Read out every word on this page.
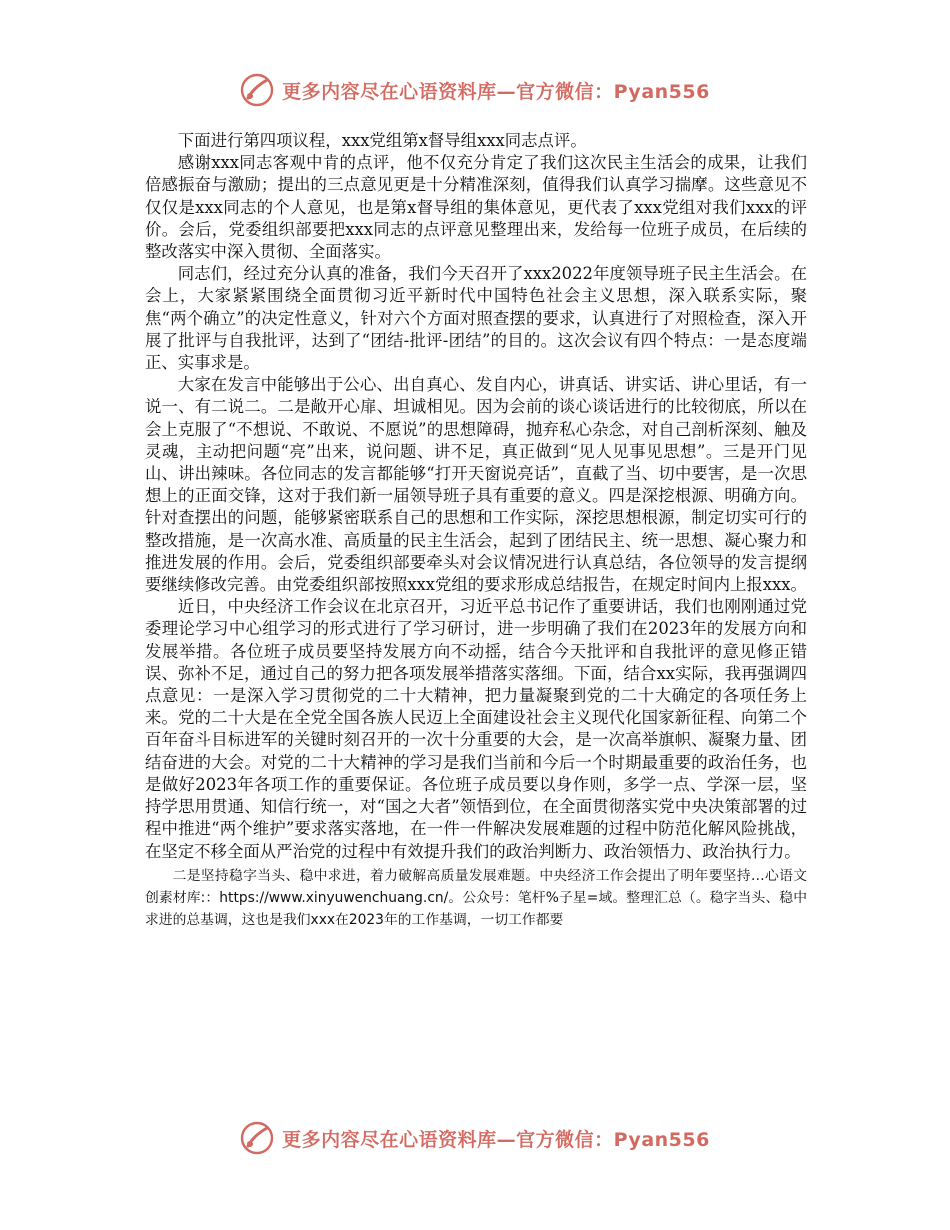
更多内容尽在心语资料库—官方微信：Pyan556

下面进行第四项议程，xxx党组第x督导组xxx同志点评。

感谢xxx同志客观中肯的点评，他不仅充分肯定了我们这次民主生活会的成果，让我们倍感振奋与激励；提出的三点意见更是十分精准深刻，值得我们认真学习揣摩。这些意见不仅仅是xxx同志的个人意见，也是第x督导组的集体意见，更代表了xxx党组对我们xxx的评价。会后，党委组织部要把xxx同志的点评意见整理出来，发给每一位班子成员，在后续的整改落实中深入贯彻、全面落实。

同志们，经过充分认真的准备，我们今天召开了xxx2022年度领导班子民主生活会。在会上，大家紧紧围绕全面贯彻习近平新时代中国特色社会主义思想，深入联系实际，聚焦“两个确立”的决定性意义，针对六个方面对照查摆的要求，认真进行了对照检查，深入开展了批评与自我批评，达到了“团结-批评-团结”的目的。这次会议有四个特点：一是态度端正、实事求是。

大家在发言中能够出于公心、出自真心、发自内心，讲真话、讲实话、讲心里话，有一说一、有二说二。二是敞开心扉、坦诚相见。因为会前的谈心谈话进行的比较彻底，所以在会上克服了“不想说、不敢说、不愿说”的思想障碍，抛弃私心杂念，对自己剖析深刻、触及灵魂，主动把问题“亮”出来，说问题、讲不足，真正做到“见人见事见思想”。三是开门见山、讲出辣味。各位同志的发言都能够“打开天窗说亮话”，直截了当、切中要害，是一次思想上的正面交锋，这对于我们新一届领导班子具有重要的意义。四是深挖根源、明确方向。针对查摆出的问题，能够紧密联系自己的思想和工作实际，深挖思想根源，制定切实可行的整改措施，是一次高水准、高质量的民主生活会，起到了团结民主、统一思想、凝心聚力和推进发展的作用。会后，党委组织部要牵头对会议情况进行认真总结，各位领导的发言提纲要继续修改完善。由党委组织部按照xxx党组的要求形成总结报告，在规定时间内上报xxx。

近日，中央经济工作会议在北京召开，习近平总书记作了重要讲话，我们也刚刚通过党委理论学习中心组学习的形式进行了学习研讨，进一步明确了我们在2023年的发展方向和发展举措。各位班子成员要坚持发展方向不动摇，结合今天批评和自我批评的意见修正错误、弥补不足，通过自己的努力把各项发展举措落实落细。下面，结合xx实际，我再强调四点意见：一是深入学习贯彻党的二十大精神，把力量凝聚到党的二十大确定的各项任务上来。党的二十大是在全党全国各族人民迈上全面建设社会主义现代化国家新征程、向第二个百年奋斗目标进军的关键时刻召开的一次十分重要的大会，是一次高举旗帜、凝聚力量、团结奋进的大会。对党的二十大精神的学习是我们当前和今后一个时期最重要的政治任务，也是做好2023年各项工作的重要保证。各位班子成员要以身作则，多学一点、学深一层，坚持学思用贯通、知信行统一，对“国之大者”领悟到位，在全面贯彻落实党中央决策部署的过程中推进“两个维护”要求落实落地，在一件一件解决发展难题的过程中防范化解风险挑战，在坚定不移全面从严治党的过程中有效提升我们的政治判断力、政治领悟力、政治执行力。

二是坚持稳字当头、稳中求进，着力破解高质量发展难题。中央经济工作会提出了明年要坚持…心语文创素材库:：https://www.xinyuwenchuang.cn/。公众号：笔杆%子星=域。整理汇总（。稳字当头、稳中求进的总基调，这也是我们xxx在2023年的工作基调，一切工作都要

更多内容尽在心语资料库—官方微信：Pyan556
